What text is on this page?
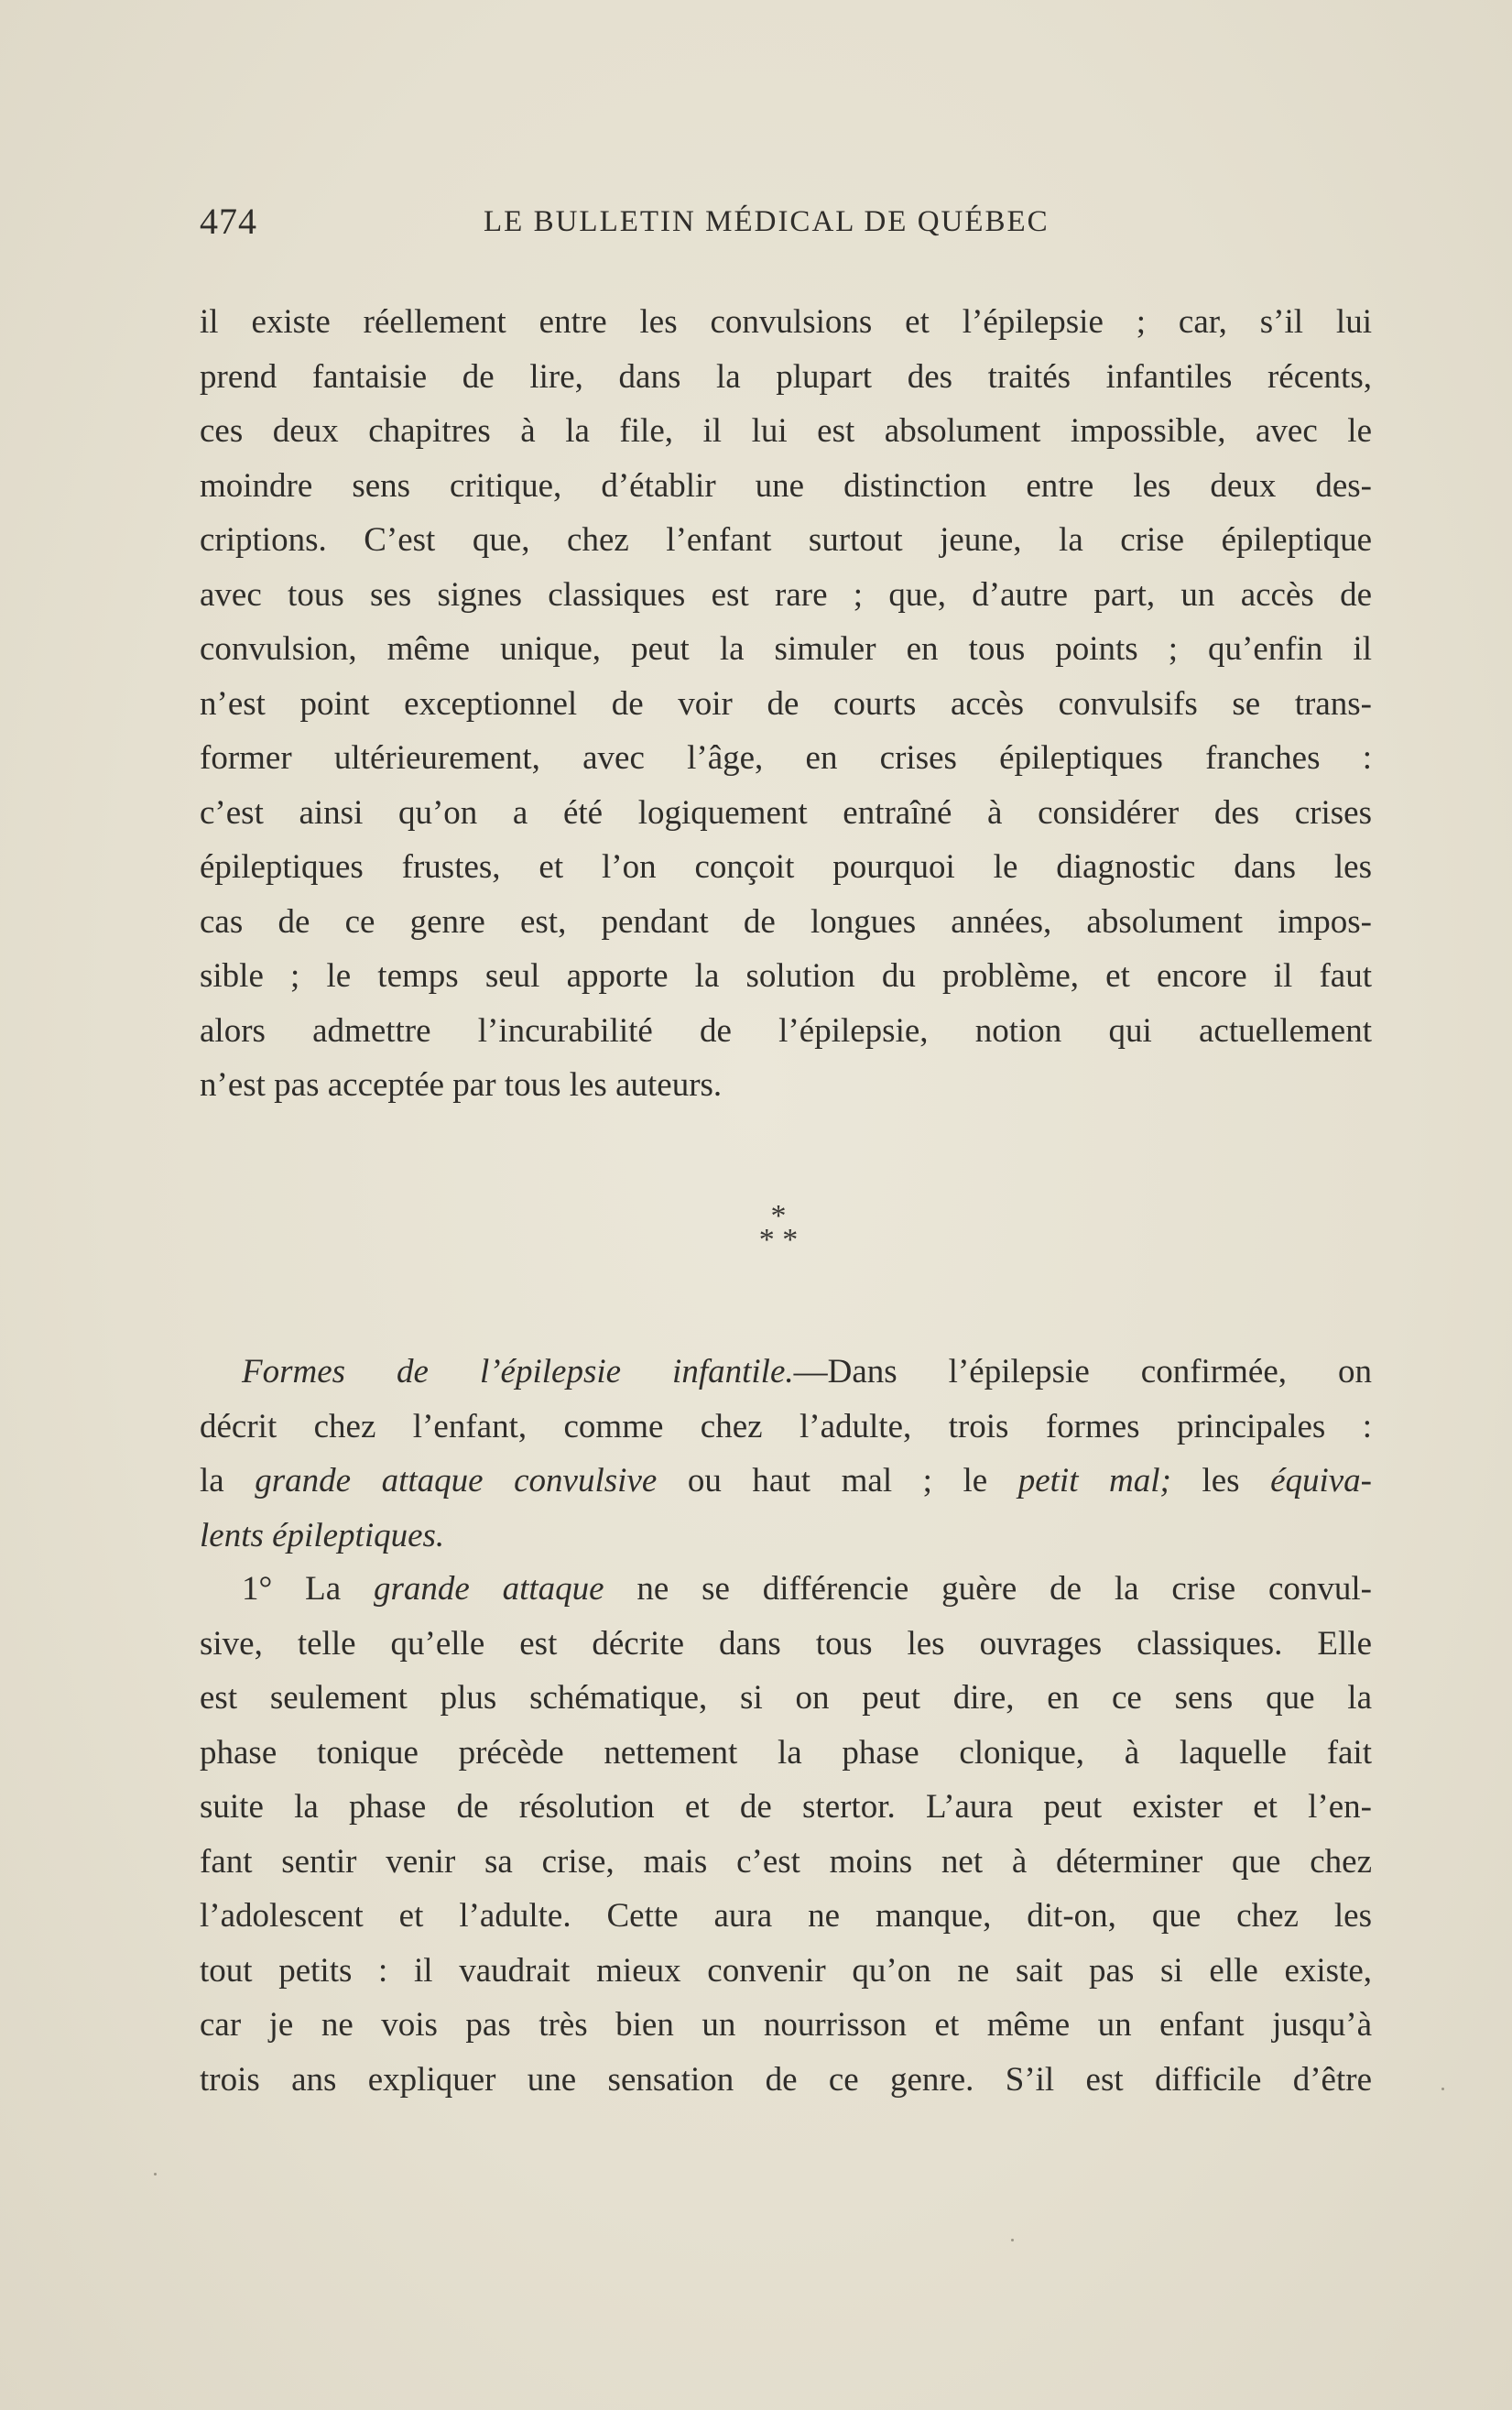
474	LE BULLETIN MÉDICAL DE QUÉBEC
il existe réellement entre les convulsions et l’épilepsie ; car, s’il lui
prend fantaisie de lire, dans la plupart des traités infantiles récents,
ces deux chapitres à la file, il lui est absolument impossible, avec le
moindre sens critique, d’établir une distinction entre les deux des-
criptions. C’est que, chez l’enfant surtout jeune, la crise épileptique
avec tous ses signes classiques est rare ; que, d’autre part, un accès de
convulsion, même unique, peut la simuler en tous points ; qu’enfin il
n’est point exceptionnel de voir de courts accès convulsifs se trans-
former ultérieurement, avec l’âge, en crises épileptiques franches :
c’est ainsi qu’on a été logiquement entraîné à considérer des crises
épileptiques frustes, et l’on conçoit pourquoi le diagnostic dans les
cas de ce genre est, pendant de longues années, absolument impos-
sible ; le temps seul apporte la solution du problème, et encore il faut
alors admettre l’incurabilité de l’épilepsie, notion qui actuellement
n’est pas acceptée par tous les auteurs.
*
* *
Formes de l’épilepsie infantile.—Dans l’épilepsie confirmée, on
décrit chez l’enfant, comme chez l’adulte, trois formes principales :
la grande attaque convulsive ou haut mal ; le petit mal; les équiva-
lents épileptiques.
1° La grande attaque ne se différencie guère de la crise convul-
sive, telle qu’elle est décrite dans tous les ouvrages classiques. Elle
est seulement plus schématique, si on peut dire, en ce sens que la
phase tonique précède nettement la phase clonique, à laquelle fait
suite la phase de résolution et de stertor. L’aura peut exister et l’en-
fant sentir venir sa crise, mais c’est moins net à déterminer que chez
l’adolescent et l’adulte. Cette aura ne manque, dit-on, que chez les
tout petits : il vaudrait mieux convenir qu’on ne sait pas si elle existe,
car je ne vois pas très bien un nourrisson et même un enfant jusqu’à
trois ans expliquer une sensation de ce genre. S’il est difficile d’être
